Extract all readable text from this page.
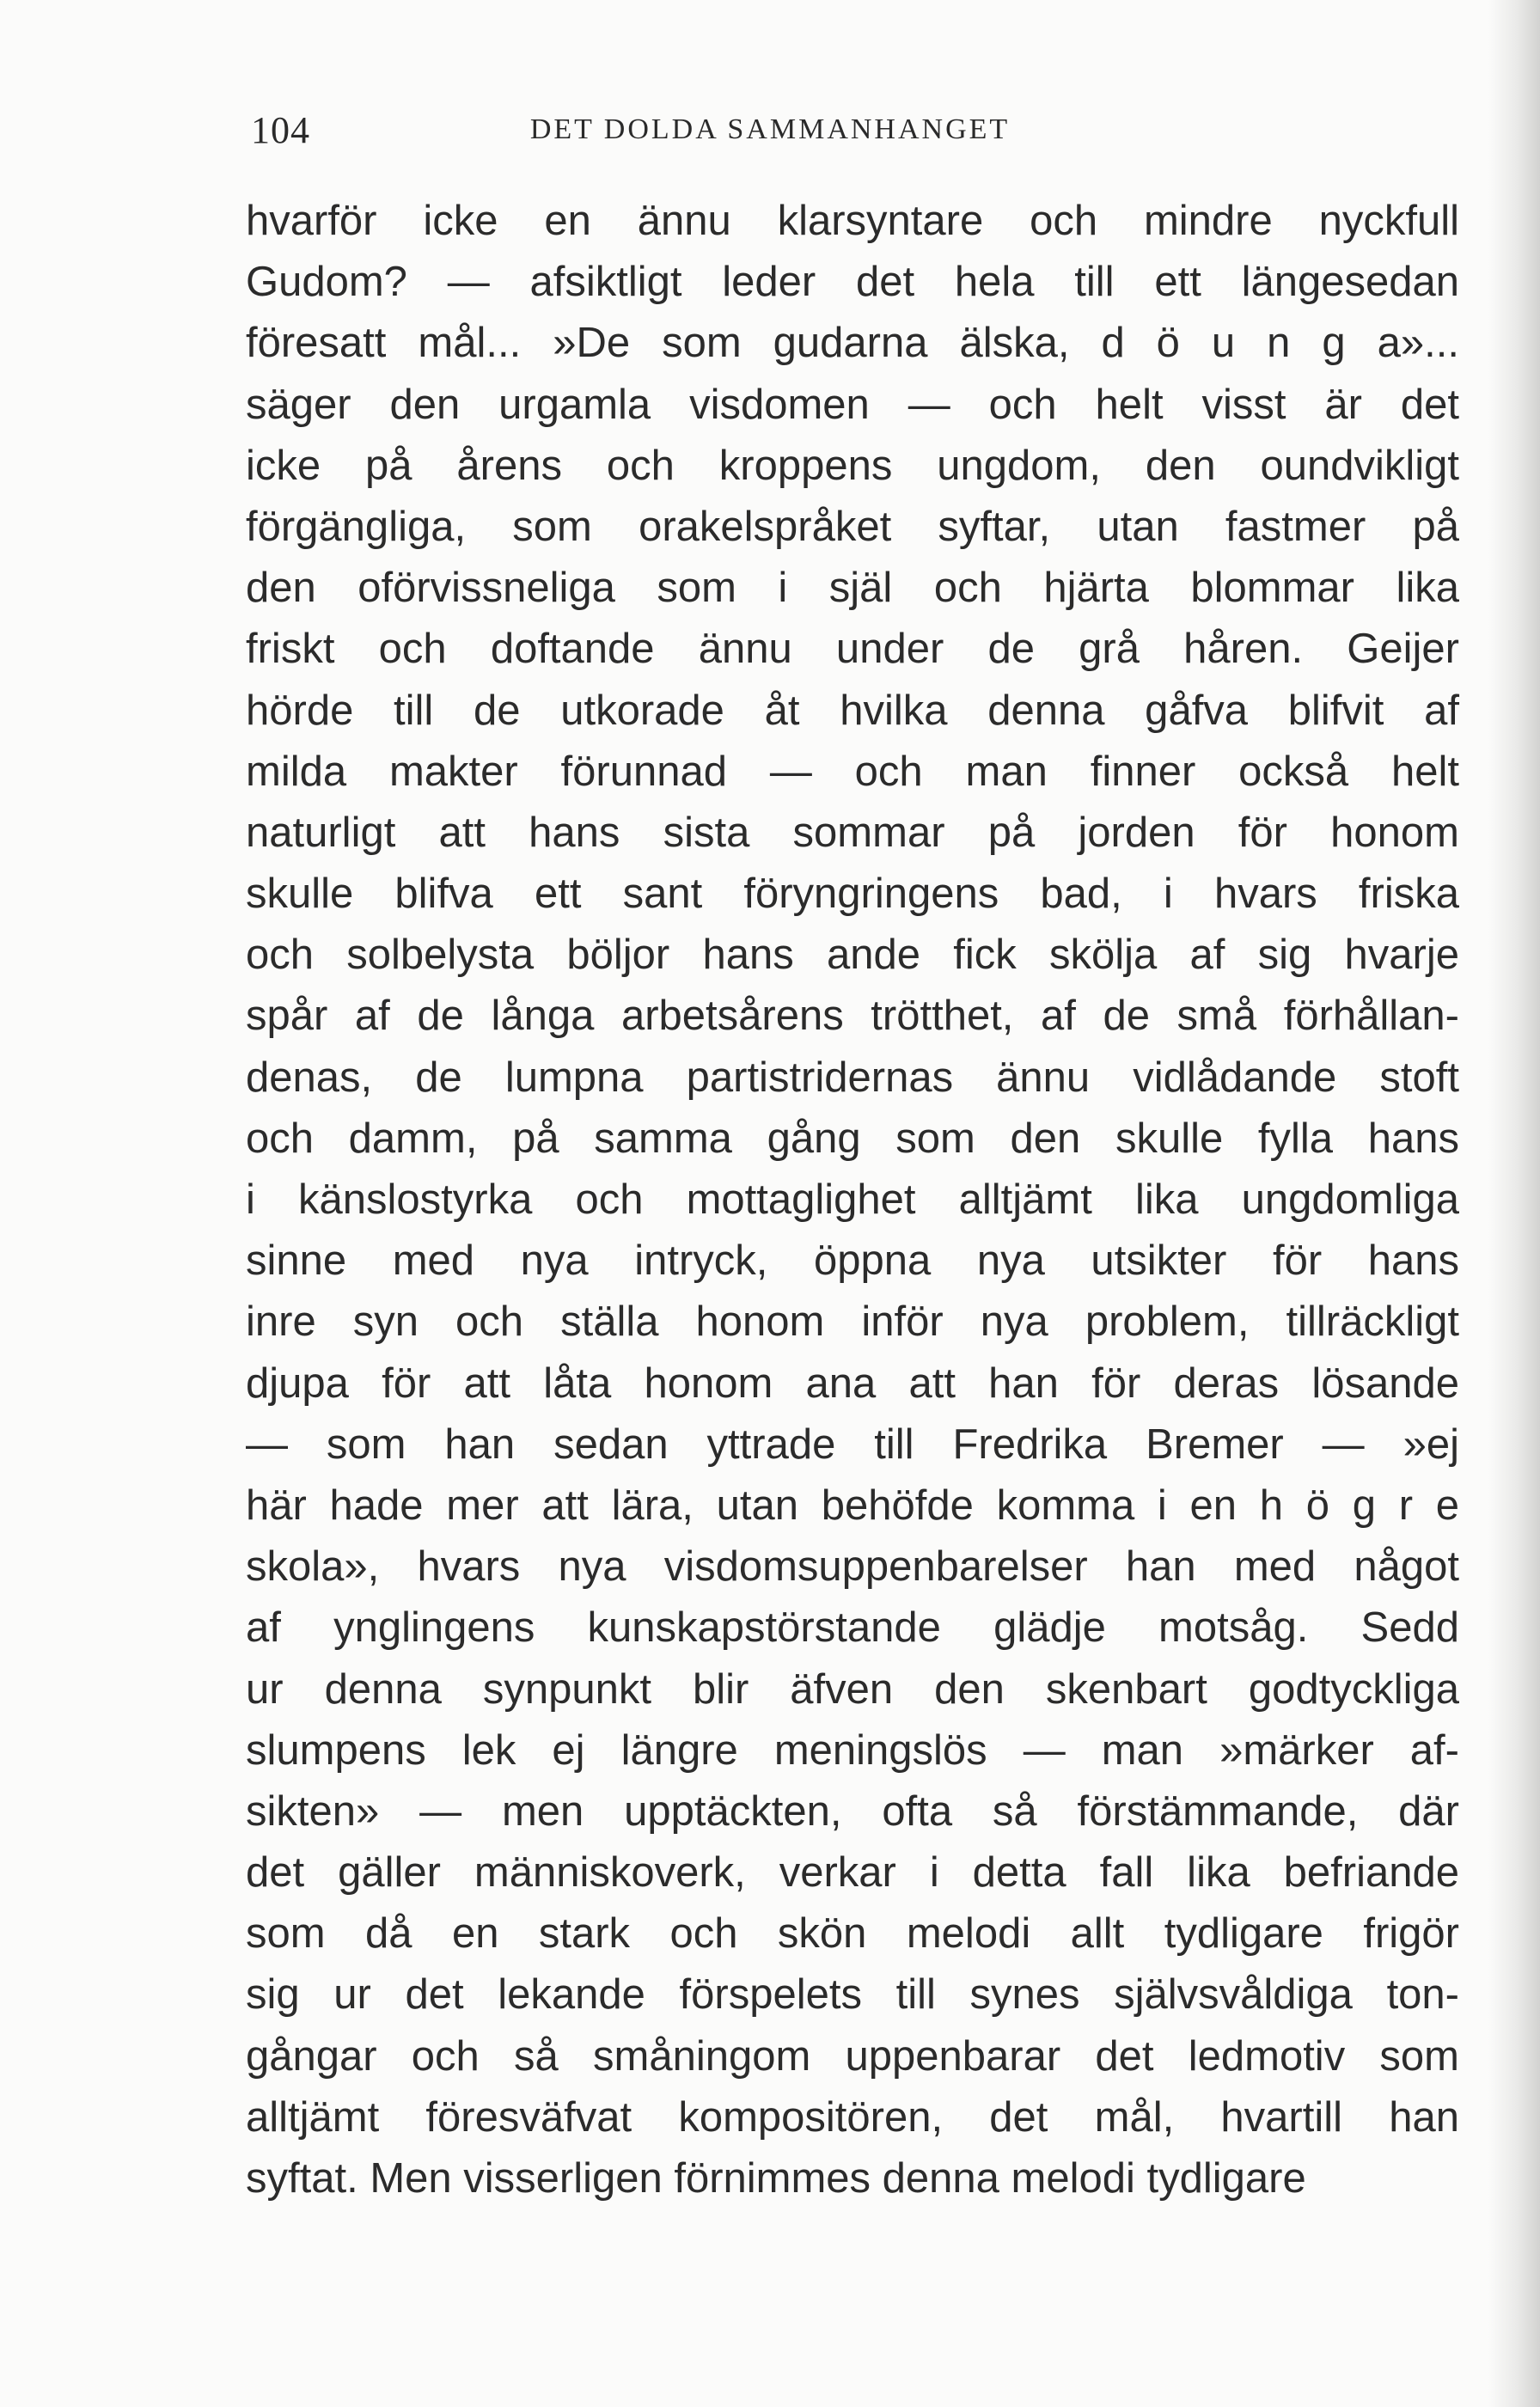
104	DET DOLDA SAMMANHANGET
hvarför icke en ännu klarsyntare och mindre nyckfull
Gudom? — afsiktligt leder det hela till ett längesedan
föresatt mål... »De som gudarna älska, d ö u n g a»...
säger den urgamla visdomen — och helt visst är det
icke på årens och kroppens ungdom, den oundvikligt
förgängliga, som orakelspråket syftar, utan fastmer på
den oförvissneliga som i själ och hjärta blommar lika
friskt och doftande ännu under de grå håren. Geijer
hörde till de utkorade åt hvilka denna gåfva blifvit af
milda makter förunnad — och man finner också helt
naturligt att hans sista sommar på jorden för honom
skulle blifva ett sant föryngringens bad, i hvars friska
och solbelysta böljor hans ande fick skölja af sig hvarje
spår af de långa arbetsårens trötthet, af de små förhållan-
denas, de lumpna partistridernas ännu vidlådande stoft
och damm, på samma gång som den skulle fylla hans
i känslostyrka och mottaglighet alltjämt lika ungdomliga
sinne med nya intryck, öppna nya utsikter för hans
inre syn och ställa honom inför nya problem, tillräckligt
djupa för att låta honom ana att han för deras lösande
— som han sedan yttrade till Fredrika Bremer — »ej
här hade mer att lära, utan behöfde komma i en h ö g r e
skola», hvars nya visdomsuppenbarelser han med något
af ynglingens kunskapstörstande glädje motsåg. Sedd
ur denna synpunkt blir äfven den skenbart godtyckliga
slumpens lek ej längre meningslös — man »märker af-
sikten» — men upptäckten, ofta så förstämmande, där
det gäller människoverk, verkar i detta fall lika befriande
som då en stark och skön melodi allt tydligare frigör
sig ur det lekande förspelets till synes självsvåldiga ton-
gångar och så småningom uppenbarar det ledmotiv som
alltjämt föresväfvat kompositören, det mål, hvartill han
syftat. Men visserligen förnimmes denna melodi tydligare
